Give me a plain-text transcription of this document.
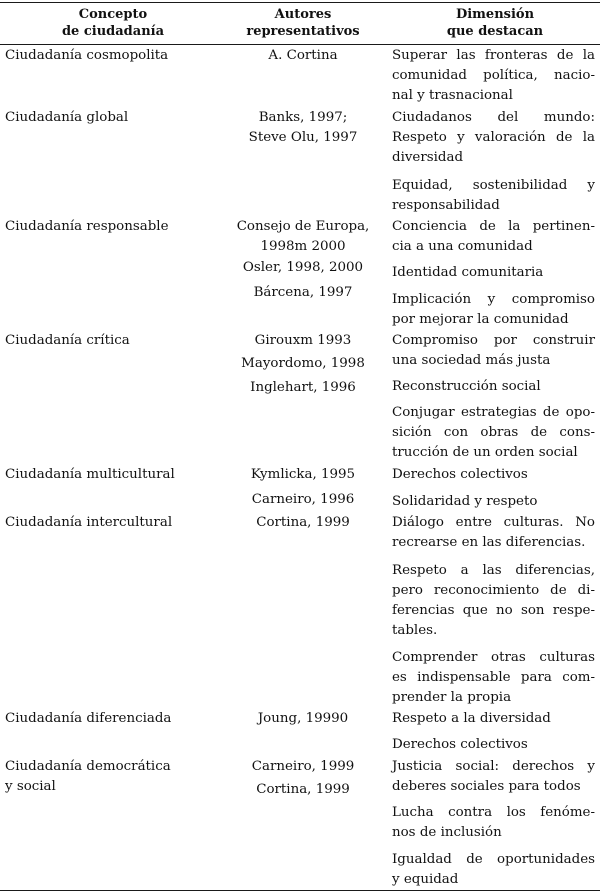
Concepto
de ciudadanía
Autores
representativos
Dimensión
que destacan
Ciudadanía cosmopolita
Ciudadanía global
Ciudadanía responsable
Ciudadanía crítica
Ciudadanía multicultural
Ciudadanía intercultural
Ciudadanía diferenciada
Ciudadanía democrática
y social
A. Cortina
Banks, 1997;
Steve Olu, 1997
Consejo de Europa,
1998m 2000
Osler, 1998, 2000
Bárcena, 1997
Girouxm 1993
Mayordomo, 1998
Inglehart, 1996
Kymlicka, 1995
Carneiro, 1996
Cortina, 1999
Joung, 19990
Carneiro, 1999
Cortina, 1999
Superar las fronteras de la
comunidad política, nacio-
nal y trasnacional
Ciudadanos del mundo:
Respeto y valoración de la
diversidad
Equidad, sostenibilidad y
responsabilidad
Conciencia de la pertinen-
cia a una comunidad
Identidad comunitaria
Implicación y compromiso
por mejorar la comunidad
Compromiso por construir
una sociedad más justa
Reconstrucción social
Conjugar estrategias de opo-
sición con obras de cons-
trucción de un orden social
Derechos colectivos
Solidaridad y respeto
Diálogo entre culturas. No
recrearse en las diferencias.
Respeto a las diferencias,
pero reconocimiento de di-
ferencias que no son respe-
tables.
Comprender otras culturas
es indispensable para com-
prender la propia
Respeto a la diversidad
Derechos colectivos
Justicia social: derechos y
deberes sociales para todos
Lucha contra los fenóme-
nos de inclusión
Igualdad de oportunidades
y equidad
